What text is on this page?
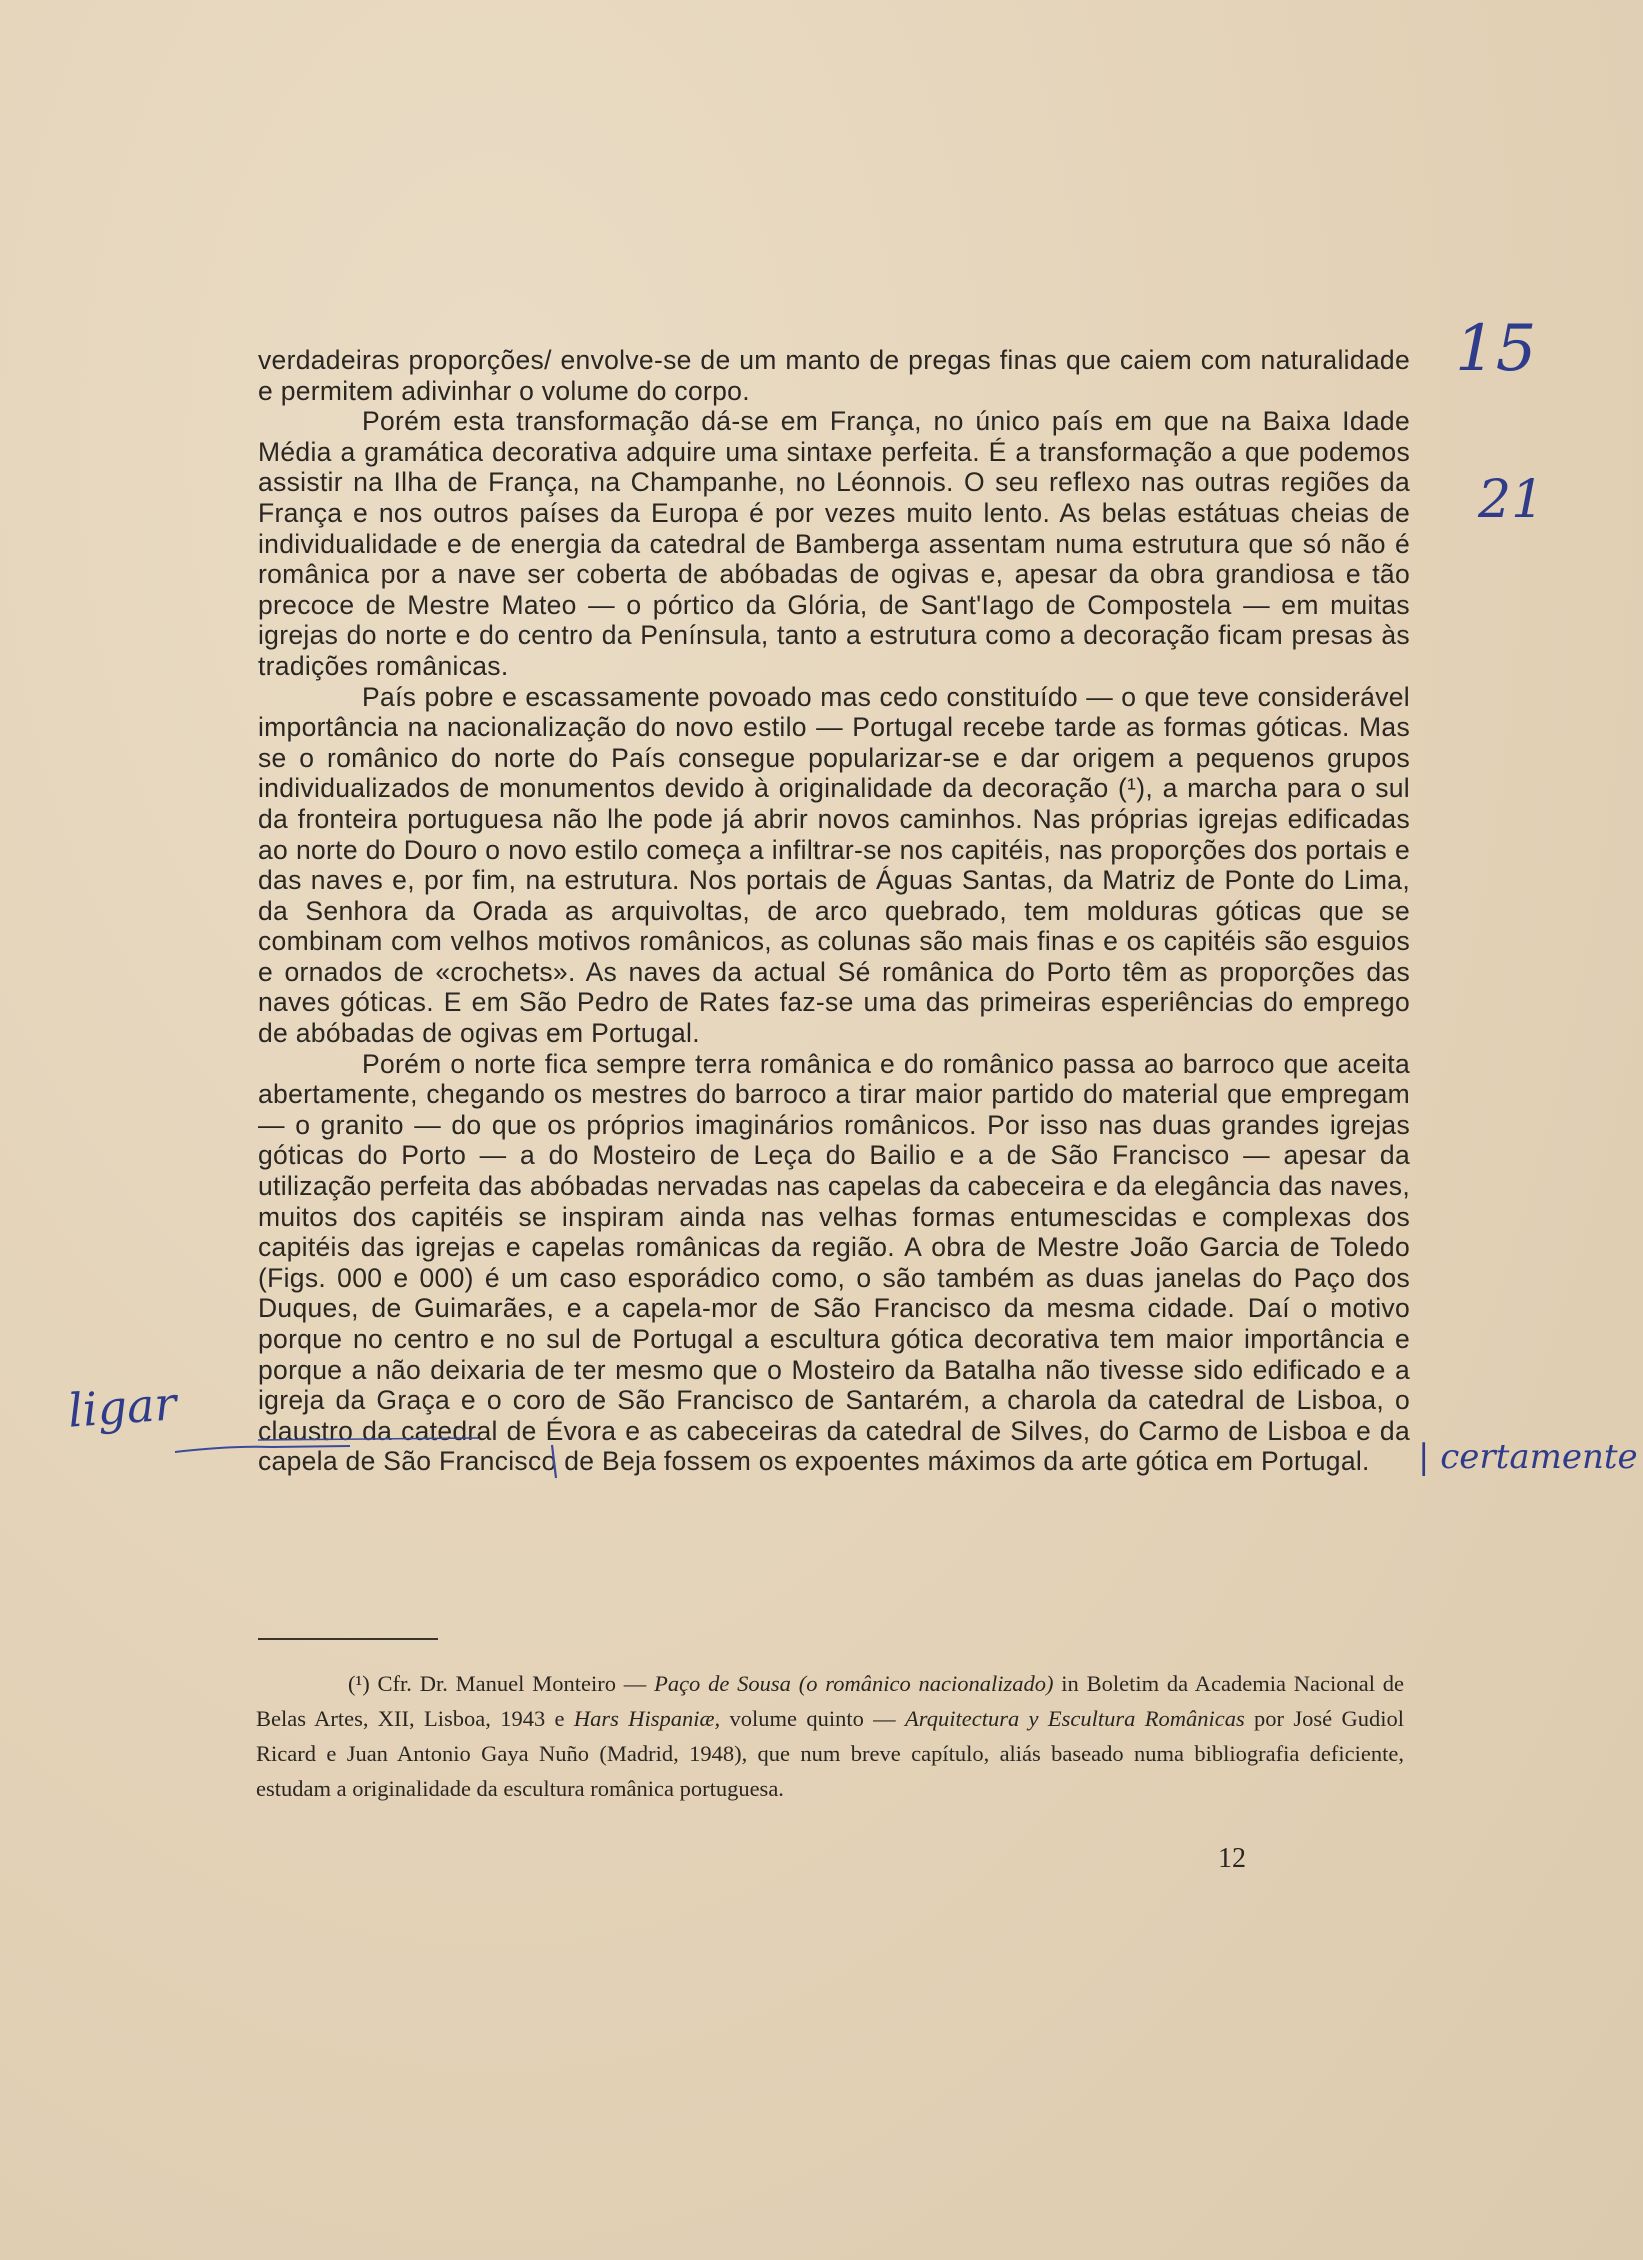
verdadeiras proporções/ envolve-se de um manto de pregas finas que caiem com naturalidade e permitem adivinhar o volume do corpo.

Porém esta transformação dá-se em França, no único país em que na Baixa Idade Média a gramática decorativa adquire uma sintaxe perfeita. É a transformação a que podemos assistir na Ilha de França, na Champanhe, no Léonnois. O seu reflexo nas outras regiões da França e nos outros países da Europa é por vezes muito lento. As belas estátuas cheias de individualidade e de energia da catedral de Bamberga assentam numa estrutura que só não é românica por a nave ser coberta de abóbadas de ogivas e, apesar da obra grandiosa e tão precoce de Mestre Mateo — o pórtico da Glória, de Sant'Iago de Compostela — em muitas igrejas do norte e do centro da Península, tanto a estrutura como a decoração ficam presas às tradições românicas.

País pobre e escassamente povoado mas cedo constituído — o que teve considerável importância na nacionalização do novo estilo — Portugal recebe tarde as formas góticas. Mas se o românico do norte do País consegue popularizar-se e dar origem a pequenos grupos individualizados de monumentos devido à originalidade da decoração (¹), a marcha para o sul da fronteira portuguesa não lhe pode já abrir novos caminhos. Nas próprias igrejas edificadas ao norte do Douro o novo estilo começa a infiltrar-se nos capitéis, nas proporções dos portais e das naves e, por fim, na estrutura. Nos portais de Águas Santas, da Matriz de Ponte do Lima, da Senhora da Orada as arquivoltas, de arco quebrado, tem molduras góticas que se combinam com velhos motivos românicos, as colunas são mais finas e os capitéis são esguios e ornados de «crochets». As naves da actual Sé românica do Porto têm as proporções das naves góticas. E em São Pedro de Rates faz-se uma das primeiras esperiências do emprego de abóbadas de ogivas em Portugal.

Porém o norte fica sempre terra românica e do românico passa ao barroco que aceita abertamente, chegando os mestres do barroco a tirar maior partido do material que empregam — o granito — do que os próprios imaginários românicos. Por isso nas duas grandes igrejas góticas do Porto — a do Mosteiro de Leça do Bailio e a de São Francisco — apesar da utilização perfeita das abóbadas nervadas nas capelas da cabeceira e da elegância das naves, muitos dos capitéis se inspiram ainda nas velhas formas entumescidas e complexas dos capitéis das igrejas e capelas românicas da região. A obra de Mestre João Garcia de Toledo (Figs. 000 e 000) é um caso esporádico como, o são também as duas janelas do Paço dos Duques, de Guimarães, e a capela-mor de São Francisco da mesma cidade. Daí o motivo porque no centro e no sul de Portugal a escultura gótica decorativa tem maior importância e porque a não deixaria de ter mesmo que o Mosteiro da Batalha não tivesse sido edificado e a igreja da Graça e o coro de São Francisco de Santarém, a charola da catedral de Lisboa, o claustro da catedral de Évora e as cabeceiras da catedral de Silves, do Carmo de Lisboa e da capela de São Francisco de Beja fossem os expoentes máximos da arte gótica em Portugal.

(¹) Cfr. Dr. Manuel Monteiro — Paço de Sousa (o românico nacionalizado) in Boletim da Academia Nacional de Belas Artes, XII, Lisboa, 1943 e Hars Hispaniæ, volume quinto — Arquitectura y Escultura Românicas por José Gudiol Ricard e Juan Antonio Gaya Nuño (Madrid, 1948), que num breve capítulo, aliás baseado numa bibliografia deficiente, estudam a originalidade da escultura românica portuguesa.

12
15
21
ligar
| certamente
